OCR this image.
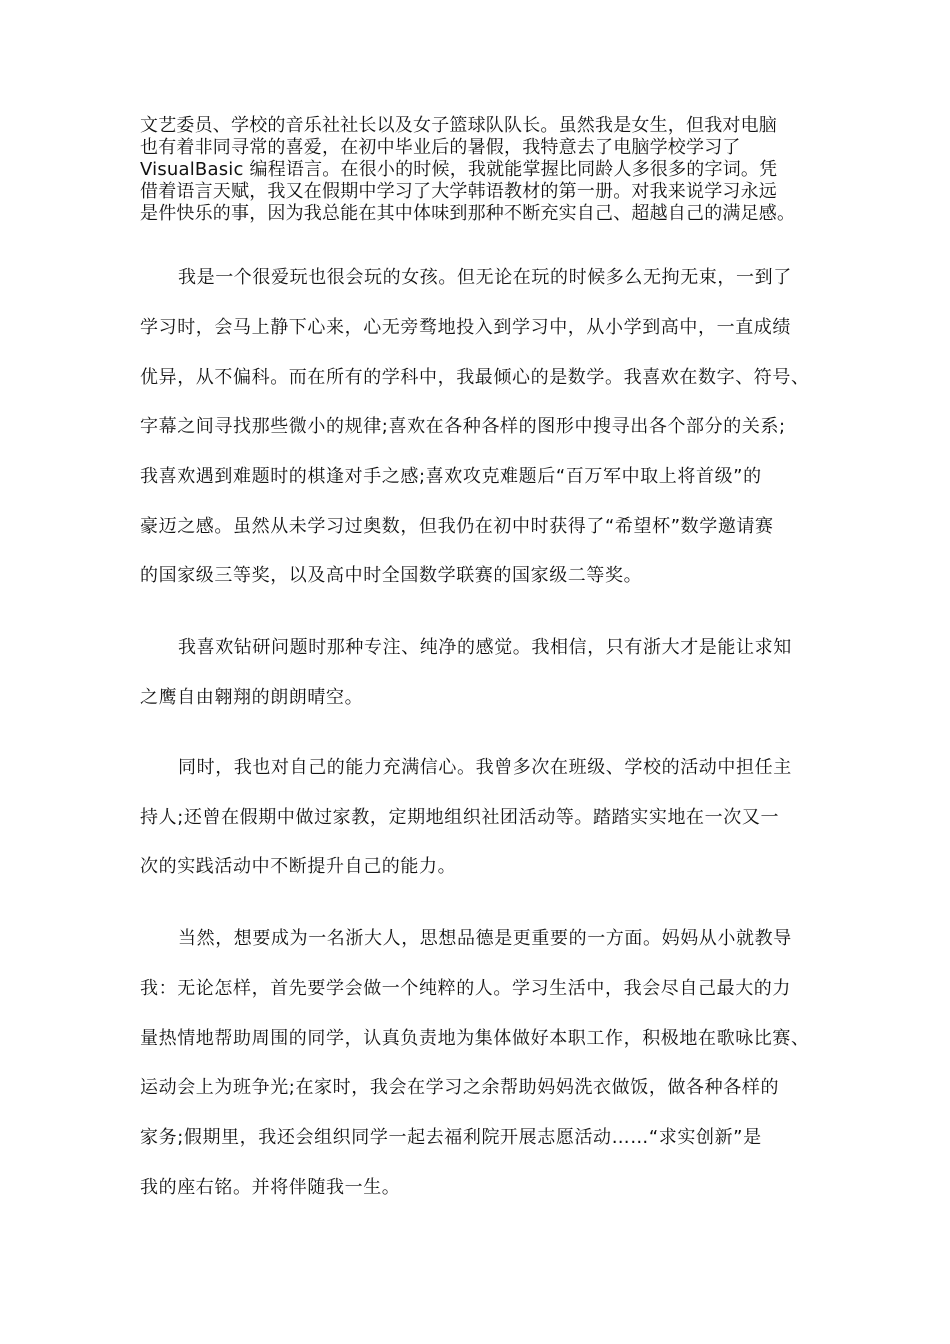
文艺委员、学校的音乐社社长以及女子篮球队队长。虽然我是女生，但我对电脑
也有着非同寻常的喜爱，在初中毕业后的暑假，我特意去了电脑学校学习了
VisualBasic 编程语言。在很小的时候，我就能掌握比同龄人多很多的字词。凭
借着语言天赋，我又在假期中学习了大学韩语教材的第一册。对我来说学习永远
是件快乐的事，因为我总能在其中体味到那种不断充实自己、超越自己的满足感。
我是一个很爱玩也很会玩的女孩。但无论在玩的时候多么无拘无束，一到了
学习时，会马上静下心来，心无旁骛地投入到学习中，从小学到高中，一直成绩
优异，从不偏科。而在所有的学科中，我最倾心的是数学。我喜欢在数字、符号、
字幕之间寻找那些微小的规律;喜欢在各种各样的图形中搜寻出各个部分的关系;
我喜欢遇到难题时的棋逢对手之感;喜欢攻克难题后“百万军中取上将首级”的
豪迈之感。虽然从未学习过奥数，但我仍在初中时获得了“希望杯”数学邀请赛
的国家级三等奖，以及高中时全国数学联赛的国家级二等奖。
我喜欢钻研问题时那种专注、纯净的感觉。我相信，只有浙大才是能让求知
之鹰自由翱翔的朗朗晴空。
同时，我也对自己的能力充满信心。我曾多次在班级、学校的活动中担任主
持人;还曾在假期中做过家教，定期地组织社团活动等。踏踏实实地在一次又一
次的实践活动中不断提升自己的能力。
当然，想要成为一名浙大人，思想品德是更重要的一方面。妈妈从小就教导
我：无论怎样，首先要学会做一个纯粹的人。学习生活中，我会尽自己最大的力
量热情地帮助周围的同学，认真负责地为集体做好本职工作，积极地在歌咏比赛、
运动会上为班争光;在家时，我会在学习之余帮助妈妈洗衣做饭，做各种各样的
家务;假期里，我还会组织同学一起去福利院开展志愿活动……“求实创新”是
我的座右铭。并将伴随我一生。
